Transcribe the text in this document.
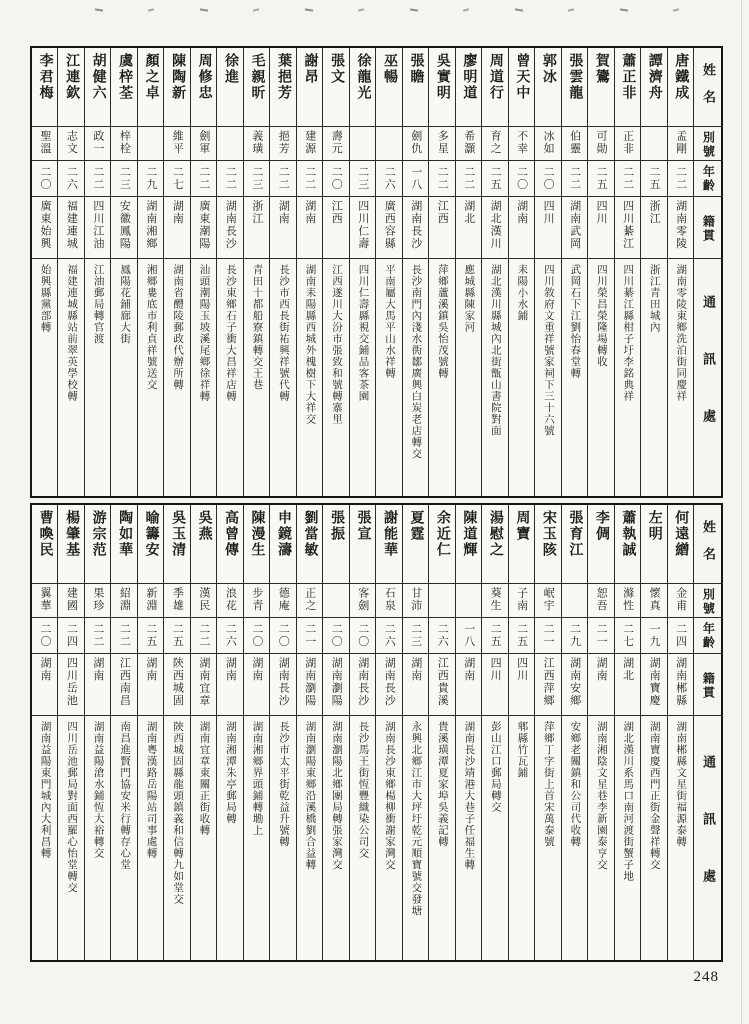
姓名
別號
年齡
籍貫
通訊處
唐鐵成
孟剛
二二
湖南零陵
湖南零陵東鄉洗泊街同慶祥
譚濟舟
二五
浙江
浙江青田城內
蕭正非
正非
二二
四川綦江
四川綦江縣柑子圩李銘典祥
賀鷟
可勛
二五
四川
四川榮昌榮隆場轉收
張雲龍
伯靈
二二
湖南武岡
武岡石下江劉怡春堂轉
郭冰
冰如
二〇
四川
四川敘府文重祥號家祠下三十六號
曾天中
不幸
二〇
湖南
耒陽小水鋪
周道行
育之
二五
湖北漢川
湖北漢川縣城內北街甑山書院對面
廖明道
希灝
二二
湖北
應城縣陳家河
吳實明
多星
二二
江西
萍鄉蘆溪鎮吳怡茂號轉
張瞻
劍仇
一八
湖南長沙
長沙南門內淺水衖鄒廣興白炭老店轉交
巫暢
二六
廣西容縣
平南屬大馬平山水祥轉
徐龍光
二三
四川仁壽
四川仁壽縣視交鋪品客茶園
張文
壽元
二〇
江西
江西遂川大汾市張致和號轉寨里
謝昂
建源
二二
湖南
湖南耒陽縣西城外槐樹下大祥交
葉挹芳
挹芳
二二
湖南
長沙市西長街祐興祥號代轉
毛親昕
義璜
二三
浙江
青田十都船寮鎮轉交王巷
徐進
二二
湖南長沙
長沙東鄉石子衝大昌祥店轉
周修忠
劍軍
二二
廣東潮陽
汕頭潮陽玉坡溪尾鄉徐祥轉
陳陶新
維平
二七
湖南
湖南省醴陵郵政代辦所轉
顏之卓
二九
湖南湘鄉
湘鄉婁底市利貞祥號送交
虞梓荃
梓栓
二三
安徽鳳陽
鳳陽花鋪廊大街
胡健六
政一
二二
四川江油
江油郵局轉官渡
江連欽
志文
二六
福建連城
福建連城縣站前翠英學校轉
李君梅
聖溫
二〇
廣東始興
始興縣黨部轉
姓名
別號
年齡
籍貫
通訊處
何遠繒
金甫
二四
湖南郴縣
湖南郴縣文星街福源泰轉
左明
懷真
一九
湖南寶慶
湖南寶慶西門正街金聲祥轉交
蕭執誠
滌性
二七
湖北
湖北漢川系馬口南河渡街蟹子地
李倜
恕吾
二一
湖南
湖南湘陰文星巷李新園泰亨交
張育江
二九
湖南安鄉
安鄉老關鎮和公司代收轉
宋玉陔
岷宇
二一
江西萍鄉
萍鄉丁字街上首宋萬泰號
周寶
子南
二五
四川
郫縣竹瓦鋪
湯慰之
葵生
二五
四川
彭山江口郵局轉交
陳道輝
一八
湖南
湖南長沙靖港大巷子任福生轉
余近仁
二六
江西貴溪
貴溪璜潭夏家埠吳義記轉
夏霆
甘沛
二三
湖南
永興北鄉江市大坪圩乾元順寶號交發塘
謝能華
石泉
二六
湖南長沙
湖南長沙東鄉楊柳衝謝家灣交
張宣
客劍
二〇
湖南長沙
長沙馬王街恆豐織染公司交
張振
二〇
湖南瀏陽
湖南瀏陽北鄉團局轉張家灣交
劉當敏
正之
二一
湖南瀏陽
湖南瀏陽東鄉沿溪橋劉合益轉
申鏡濤
德庵
二〇
湖南長沙
長沙市太平街乾益升號轉
陳漫生
步青
二〇
湖南
湖南湘鄉界頭鋪轉墈上
高曾傳
浪花
二六
湖南
湖南湘潭朱亭郵局轉
吳燕
漢民
二二
湖南宜章
湖南宜章東關正街收轉
吳玉清
季雄
二五
陝西城固
陝西城固縣龍頭鎮義和信轉九如堂交
喻籌安
新淵
二五
湖南
湖南粵漢路岳陽站司事處轉
陶如華
紹淵
二二
江西南昌
南昌進賢門協安米行轉存心堂
游宗范
果珍
二二
湖南
湖南益陽滄水鋪恆大裕轉交
楊肇基
建國
二四
四川岳池
四川岳池郵局對面西羅心怡堂轉交
曹喚民
翼華
二〇
湖南
湖南益陽東門城內大利昌轉
248
